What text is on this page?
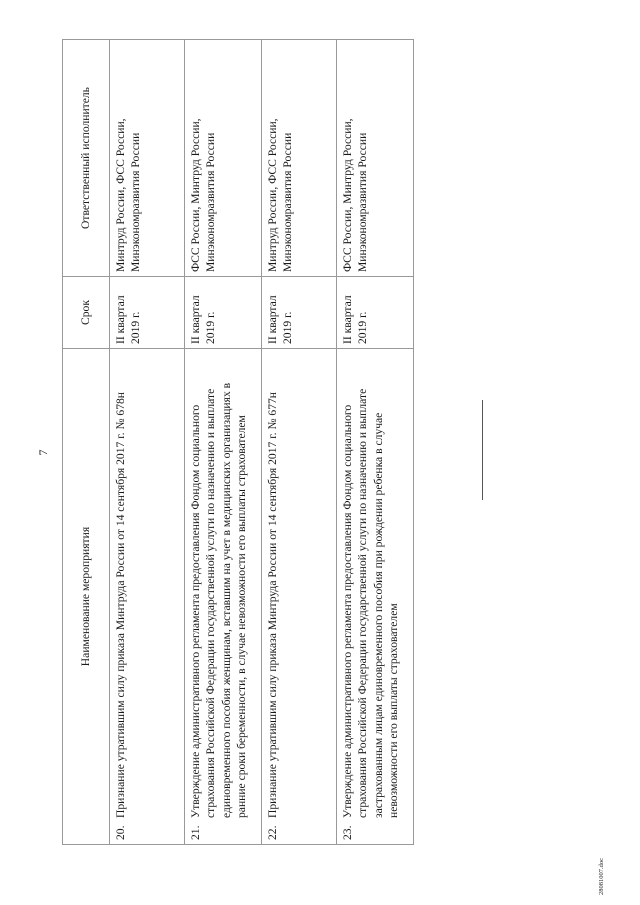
7
Наименование мероприятия	Срок	Ответственный исполнитель
20.Признание утратившим силу приказа Минтруда России от 14 сентября 2017 г. № 678н	II квартал 2019 г.	Минтруд России, ФСС России, Минэкономразвития России
21.Утверждение административного регламента предоставления Фондом социального страхования Российской Федерации государственной услуги по назначению и выплате единовременного пособия женщинам, вставшим на учет в медицинских организациях в ранние сроки беременности, в случае невозможности его выплаты страхователем	II квартал 2019 г.	ФСС России, Минтруд России, Минэкономразвития России
22.Признание утратившим силу приказа Минтруда России от 14 сентября 2017 г. № 677н	II квартал 2019 г.	Минтруд России, ФСС России, Минэкономразвития России
23.Утверждение административного регламента предоставления Фондом социального страхования Российской Федерации государственной услуги по назначению и выплате застрахованным лицам единовременного пособия при рождении ребенка в случае невозможности его выплаты страхователем	II квартал 2019 г.	ФСС России, Минтруд России, Минэкономразвития России
28081007.doc
